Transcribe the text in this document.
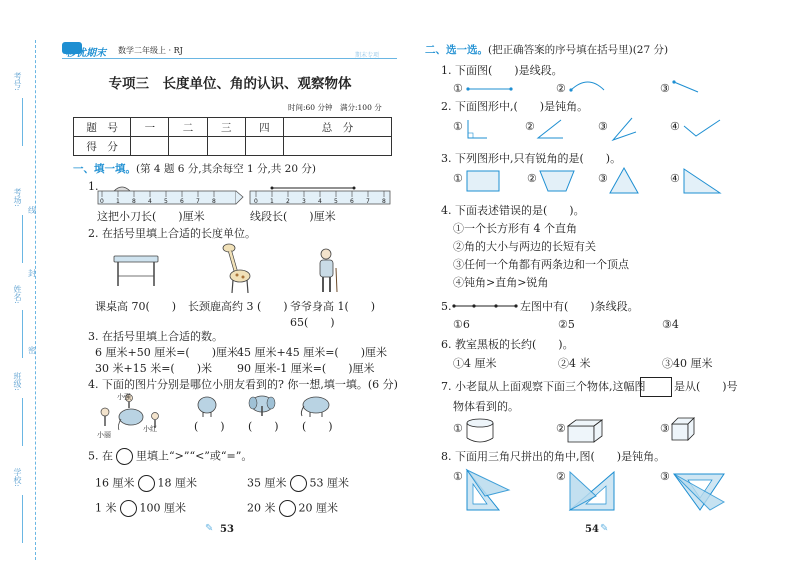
考号:
考场:
姓名:
班级:
学校:
线
封
密
移优期末 数学二年级上 · RJ
期末专项
专项三　长度单位、角的认识、观察物体
时间:60 分钟 满分:100 分
题　号	一	二	三	四	总　分
得　分					
一、填一填。(第 4 题 6 分,其余每空 1 分,共 20 分)
1.
0 1 8 4 5 6 7 8	0 1 2 3 4 5 6 7 8
这把小刀长(　　)厘米	线段长(　　)厘米
2. 在括号里填上合适的长度单位。
课桌高 70(　　) 长颈鹿高约 3 (　　) 爷爷身高 1(　　)
65(　　)
3. 在括号里填上合适的数。
6 厘米+50 厘米=(　　)厘米
45 厘米+45 厘米=(　　)厘米
30 米+15 米=(　　)米 90 厘米-1 厘米=(　　)厘米
4. 下面的图片分别是哪位小朋友看到的? 你一想,填一填。(6 分)
小强
小丽
小红	(　　) (　　) (　　)
5. 在 里填上“>”“<”或“=”。
16 厘米 18 厘米	35 厘米 53 厘米
1 米 100 厘米	20 米 20 厘米
✎ 53
二、选一选。(把正确答案的序号填在括号里)(27 分)
1. 下面图(　　)是线段。
①	②	③
2. 下面图形中,(　　)是钝角。
①	②	③	④
3. 下列图形中,只有锐角的是(　　)。
①	②	③	④
4. 下面表述错误的是(　　)。
①一个长方形有 4 个直角
②角的大小与两边的长短有关
③任何一个角都有两条边和一个顶点
④钝角>直角>锐角
5.	左图中有(　　)条线段。
①6	②5	③4
6. 教室黑板的长约(　　)。
①4 厘米	②4 米	③40 厘米
7. 小老鼠从上面观察下面三个物体,这幅图	是从(　　)号
物体看到的。
①	②	③
8. 下面用三角尺拼出的角中,图(　　)是钝角。
①	②	③
54 ✎
